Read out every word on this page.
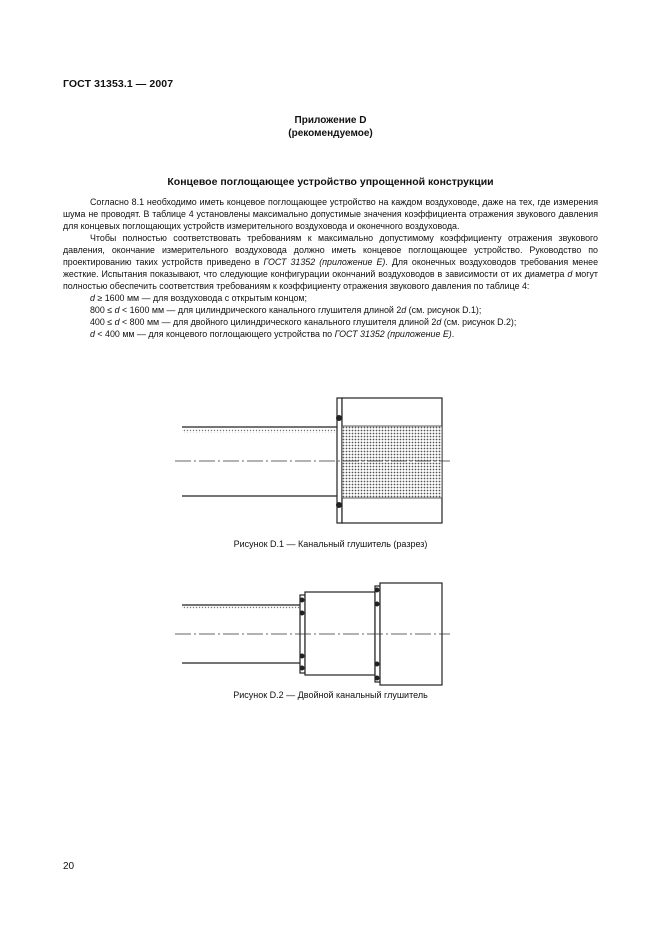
ГОСТ 31353.1 — 2007
Приложение D
(рекомендуемое)
Концевое поглощающее устройство упрощенной конструкции

Согласно 8.1 необходимо иметь концевое поглощающее устройство на каждом воздуховоде, даже на тех, где измерения шума не проводят. В таблице 4 установлены максимально допустимые значения коэффициента отражения звукового давления для концевых поглощающих устройств измерительного воздуховода и оконечного воздуховода.

Чтобы полностью соответствовать требованиям к максимально допустимому коэффициенту отражения звукового давления, окончание измерительного воздуховода должно иметь концевое поглощающее устройство. Руководство по проектированию таких устройств приведено в ГОСТ 31352 (приложение Е). Для оконечных воздуховодов требования менее жесткие. Испытания показывают, что следующие конфигурации окончаний воздуховодов в зависимости от их диаметра d могут полностью обеспечить соответствия требованиям к коэффициенту отражения звукового давления по таблице 4:

d ≥ 1600 мм — для воздуховода с открытым концом;

800 ≤ d < 1600 мм — для цилиндрического канального глушителя длиной 2d (см. рисунок D.1);

400 ≤ d < 800 мм — для двойного цилиндрического канального глушителя длиной 2d (см. рисунок D.2);

d < 400 мм — для концевого поглощающего устройства по ГОСТ 31352 (приложение Е).

Рисунок D.1 — Канальный глушитель (разрез)
Рисунок D.2 — Двойной канальный глушитель
20
